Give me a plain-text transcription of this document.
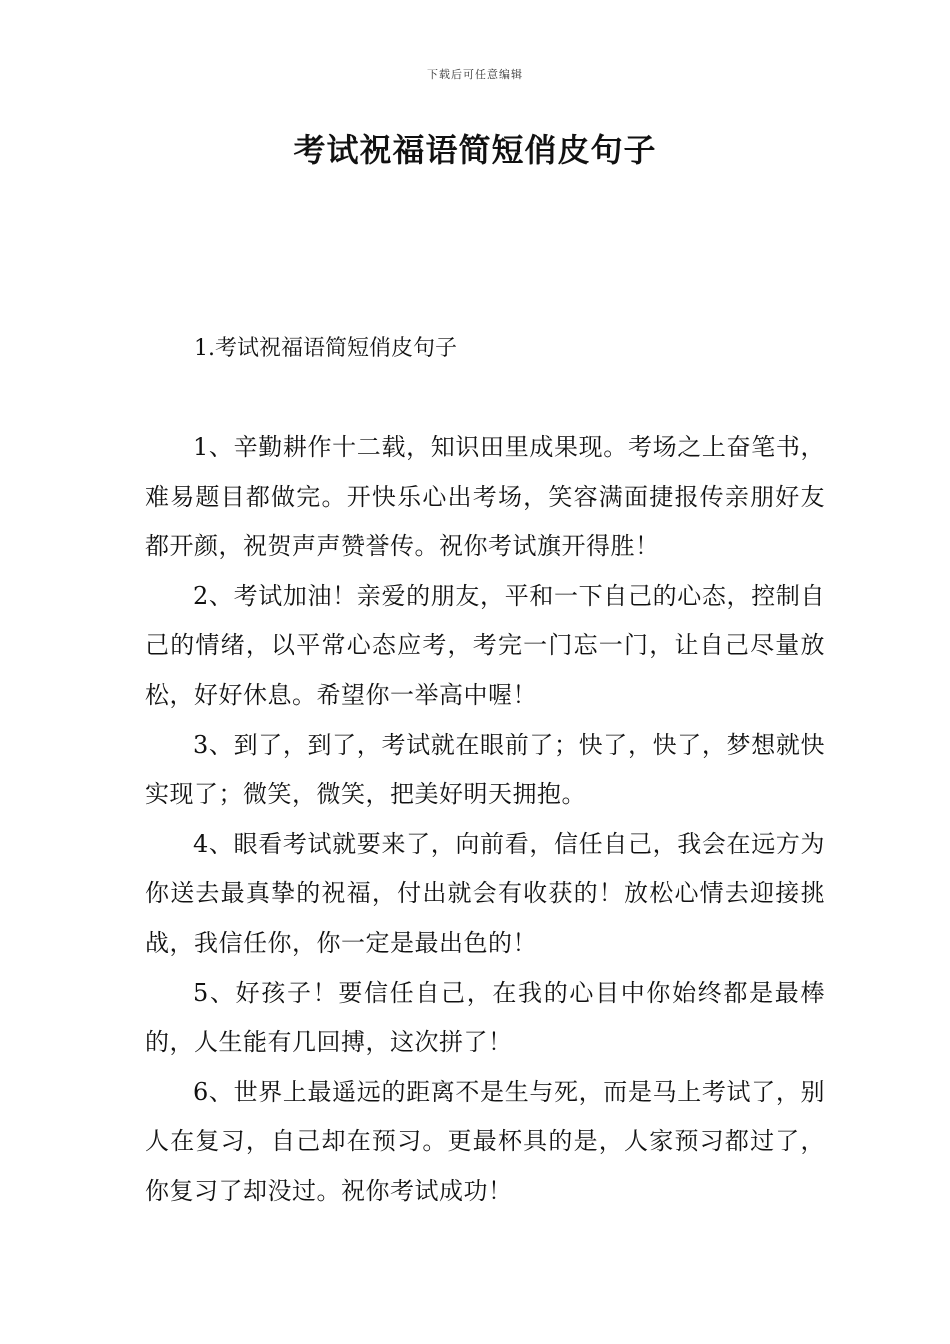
下载后可任意编辑
考试祝福语简短俏皮句子
1.考试祝福语简短俏皮句子

1、辛勤耕作十二载，知识田里成果现。考场之上奋笔书，难易题目都做完。开快乐心出考场，笑容满面捷报传亲朋好友都开颜，祝贺声声赞誉传。祝你考试旗开得胜！

2、考试加油！亲爱的朋友，平和一下自己的心态，控制自己的情绪，以平常心态应考，考完一门忘一门，让自己尽量放松，好好休息。希望你一举高中喔！

3、到了，到了，考试就在眼前了；快了，快了，梦想就快实现了；微笑，微笑，把美好明天拥抱。

4、眼看考试就要来了，向前看，信任自己，我会在远方为你送去最真挚的祝福，付出就会有收获的！放松心情去迎接挑战，我信任你，你一定是最出色的！

5、好孩子！要信任自己，在我的心目中你始终都是最棒的，人生能有几回搏，这次拼了！

6、世界上最遥远的距离不是生与死，而是马上考试了，别人在复习，自己却在预习。更最杯具的是，人家预习都过了，你复习了却没过。祝你考试成功！
